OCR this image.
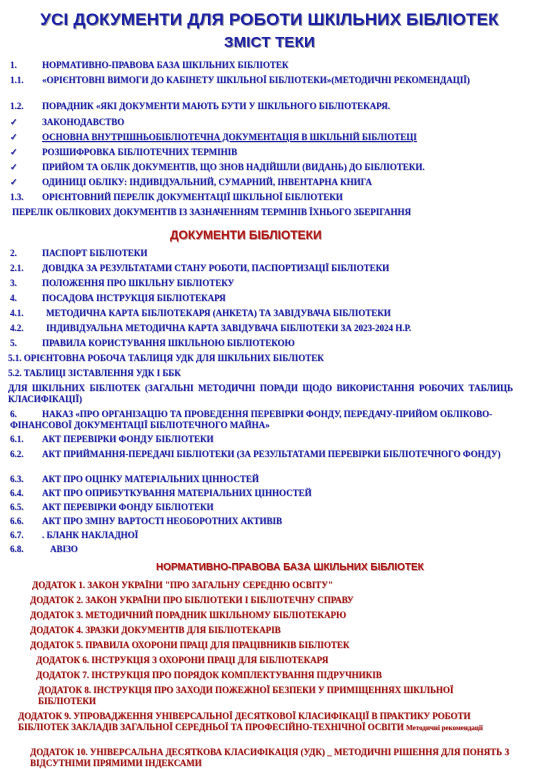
УСІ ДОКУМЕНТИ ДЛЯ РОБОТИ ШКІЛЬНИХ БІБЛІОТЕК
ЗМІСТ ТЕКИ
1.	НОРМАТИВНО-ПРАВОВА БАЗА ШКІЛЬНИХ БІБЛІОТЕК
1.1.	«ОРІЄНТОВНІ ВИМОГИ ДО КАБІНЕТУ ШКІЛЬНОЇ БІБЛІОТЕКИ»(МЕТОДИЧНІ РЕКОМЕНДАЦІЇ)
1.2. ПОРАДНИК «ЯКІ ДОКУМЕНТИ МАЮТЬ БУТИ У ШКІЛЬНОГО БІБЛІОТЕКАРЯ.
✓	ЗАКОНОДАВСТВО
✓	ОСНОВНА ВНУТРІШНЬОБІБЛІОТЕЧНА ДОКУМЕНТАЦІЯ В ШКІЛЬНІЙ БІБЛІОТЕЦІ
✓	РОЗШИФРОВКА БІБЛІОТЕЧНИХ ТЕРМІНІВ
✓	ПРИЙОМ ТА ОБЛІК ДОКУМЕНТІВ, ЩО ЗНОВ НАДІЙШЛИ (ВИДАНЬ) ДО БІБЛІОТЕКИ.
✓	ОДИНИЦІ ОБЛІКУ: ІНДИВІДУАЛЬНИЙ, СУМАРНИЙ, ІНВЕНТАРНА КНИГА
1.3. ОРІЄНТОВНИЙ ПЕРЕЛІК ДОКУМЕНТАЦІЇ ШКІЛЬНОЇ БІБЛІОТЕКИ
ПЕРЕЛІК ОБЛІКОВИХ ДОКУМЕНТІВ ІЗ ЗАЗНАЧЕННЯМ ТЕРМІНІВ ЇХНЬОГО ЗБЕРІГАННЯ
ДОКУМЕНТИ БІБЛІОТЕКИ
2.	ПАСПОРТ БІБЛІОТЕКИ
2.1. ДОВІДКА ЗА РЕЗУЛЬТАТАМИ СТАНУ РОБОТИ, ПАСПОРТИЗАЦІЇ БІБЛІОТЕКИ
3.	ПОЛОЖЕННЯ ПРО ШКІЛЬНУ БІБЛІОТЕКУ
4.	ПОСАДОВА ІНСТРУКЦІЯ БІБЛІОТЕКАРЯ
4.1.	МЕТОДИЧНА КАРТА БІБЛІОТЕКАРЯ (АНКЕТА) ТА ЗАВІДУВАЧА БІБЛІОТЕКИ
4.2.	ІНДИВІДУАЛЬНА МЕТОДИЧНА КАРТА ЗАВІДУВАЧА БІБЛІОТЕКИ ЗА 2023-2024 Н.Р.
5.	ПРАВИЛА КОРИСТУВАННЯ ШКІЛЬНОЮ БІБЛІОТЕКОЮ
5.1. ОРІЄНТОВНА РОБОЧА ТАБЛИЦЯ УДК ДЛЯ ШКІЛЬНИХ БІБЛІОТЕК
5.2. ТАБЛИЦІ ЗІСТАВЛЕННЯ УДК І ББК
ДЛЯ ШКІЛЬНИХ БІБЛІОТЕК (ЗАГАЛЬНІ МЕТОДИЧНІ ПОРАДИ ЩОДО ВИКОРИСТАННЯ РОБОЧИХ ТАБЛИЦЬ КЛАСИФІКАЦІЇ)
6.	НАКАЗ «ПРО ОРГАНІЗАЦІЮ ТА ПРОВЕДЕННЯ ПЕРЕВІРКИ ФОНДУ, ПЕРЕДАЧУ-ПРИЙОМ ОБЛІКОВО-ФІНАНСОВОЇ ДОКУМЕНТАЦІЇ БІБЛІОТЕЧНОГО МАЙНА»
6.1. АКТ ПЕРЕВІРКИ ФОНДУ БІБЛІОТЕКИ
6.2.	АКТ ПРИЙМАННЯ-ПЕРЕДАЧІ БІБЛІОТЕКИ (ЗА РЕЗУЛЬТАТАМИ ПЕРЕВІРКИ БІБЛІОТЕЧНОГО ФОНДУ)
6.3. АКТ ПРО ОЦІНКУ МАТЕРІАЛЬНИХ ЦІННОСТЕЙ
6.4. АКТ ПРО ОПРИБУТКУВАННЯ МАТЕРІАЛЬНИХ ЦІННОСТЕЙ
6.5. АКТ ПЕРЕВІРКИ ФОНДУ БІБЛІОТЕКИ
6.6. АКТ ПРО ЗМІНУ ВАРТОСТІ НЕОБОРОТНИХ АКТИВІВ
6.7. . БЛАНК НАКЛАДНОЇ
6.8.	АВІЗО
НОРМАТИВНО-ПРАВОВА БАЗА ШКІЛЬНИХ БІБЛІОТЕК
ДОДАТОК 1. ЗАКОН УКРАЇНИ "ПРО ЗАГАЛЬНУ СЕРЕДНЮ ОСВІТУ"
ДОДАТОК 2. ЗАКОН УКРАЇНИ ПРО БІБЛІОТЕКИ І БІБЛІОТЕЧНУ СПРАВУ
ДОДАТОК 3. МЕТОДИЧНИЙ ПОРАДНИК ШКІЛЬНОМУ БІБЛІОТЕКАРЮ
ДОДАТОК 4. ЗРАЗКИ ДОКУМЕНТІВ ДЛЯ БІБЛІОТЕКАРІВ
ДОДАТОК 5. ПРАВИЛА ОХОРОНИ ПРАЦІ ДЛЯ ПРАЦІВНИКІВ БІБЛІОТЕК
ДОДАТОК 6. ІНСТРУКЦІЯ З ОХОРОНИ ПРАЦІ ДЛЯ БІБЛІОТЕКАРЯ
ДОДАТОК 7. ІНСТРУКЦІЯ ПРО ПОРЯДОК КОМПЛЕКТУВАННЯ ПІДРУЧНИКІВ
ДОДАТОК 8. ІНСТРУКЦІЯ ПРО ЗАХОДИ ПОЖЕЖНОЇ БЕЗПЕКИ У ПРИМІЩЕННЯХ ШКІЛЬНОЇ БІБЛІОТЕКИ
ДОДАТОК 9. УПРОВАДЖЕННЯ УНІВЕРСАЛЬНОЇ ДЕСЯТКОВОЇ КЛАСИФІКАЦІЇ В ПРАКТИКУ РОБОТИ БІБЛІОТЕК ЗАКЛАДІВ ЗАГАЛЬНОЇ СЕРЕДНЬОЇ ТА ПРОФЕСІЙНО-ТЕХНІЧНОЇ ОСВІТИ Методичні рекомендації
ДОДАТОК 10. УНІВЕРСАЛЬНА ДЕСЯТКОВА КЛАСИФІКАЦІЯ (УДК) _ МЕТОДИЧНІ РІШЕННЯ ДЛЯ ПОНЯТЬ З ВІДСУТНІМИ ПРЯМИМИ ІНДЕКСАМИ
